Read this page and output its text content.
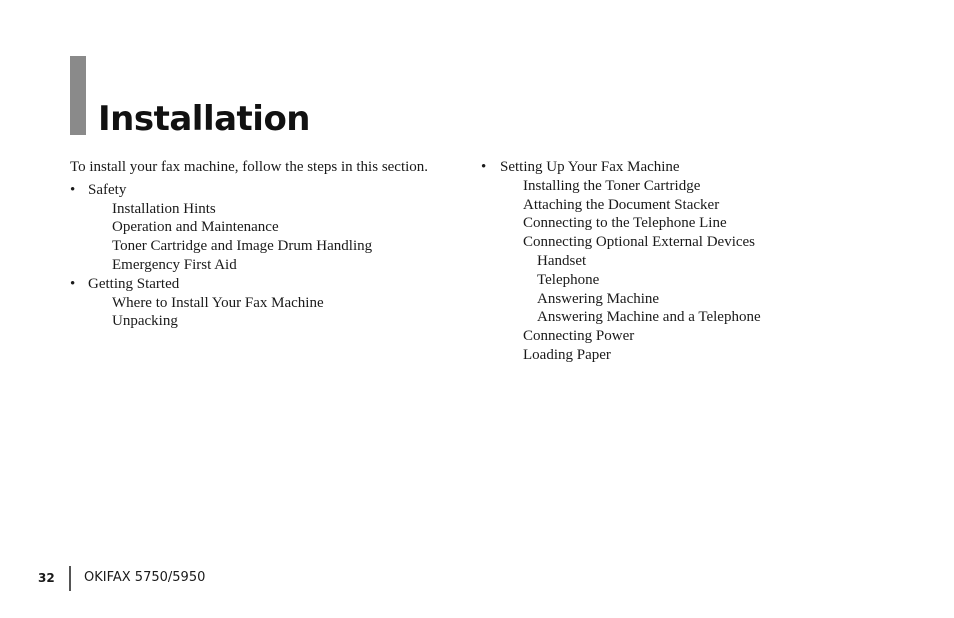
Installation

To install your fax machine, follow the steps in this section.

• Safety
Installation Hints
Operation and Maintenance
Toner Cartridge and Image Drum Handling
Emergency First Aid
• Getting Started
Where to Install Your Fax Machine
Unpacking
• Setting Up Your Fax Machine
Installing the Toner Cartridge
Attaching the Document Stacker
Connecting to the Telephone Line
Connecting Optional External Devices
Handset
Telephone
Answering Machine
Answering Machine and a Telephone
Connecting Power
Loading Paper
32 OKIFAX 5750/5950
